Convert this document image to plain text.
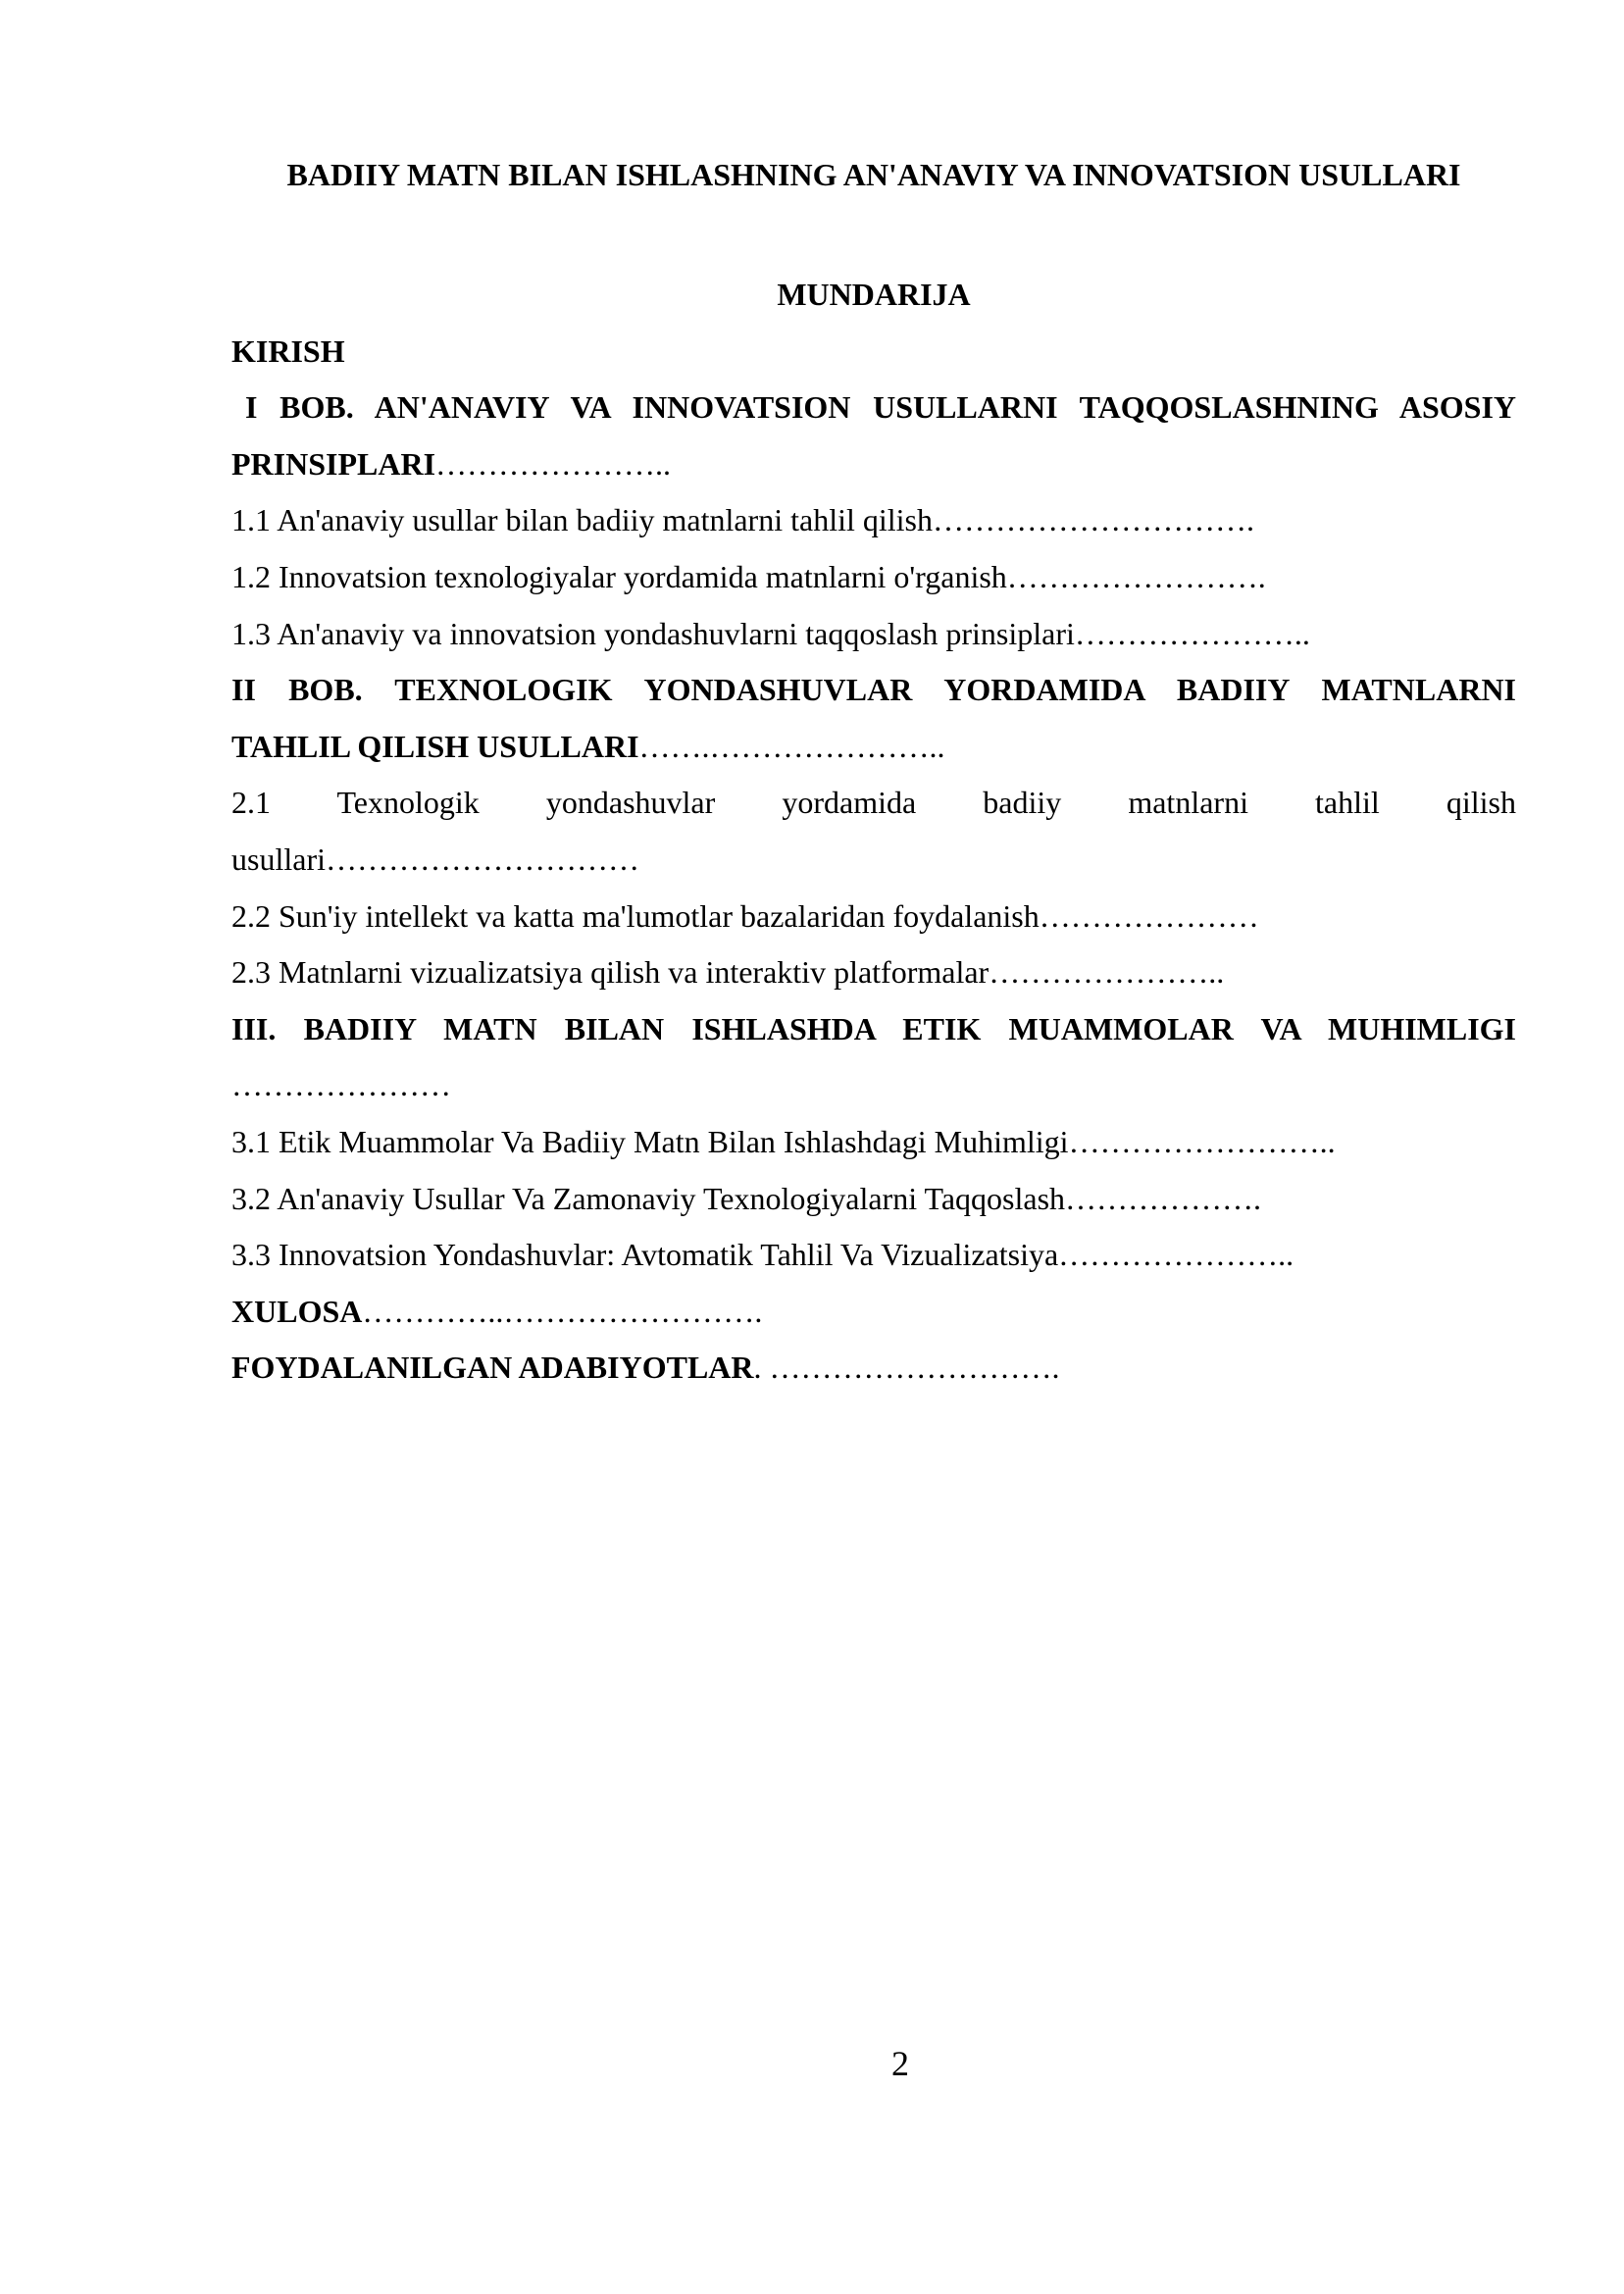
BADIIY MATN BILAN ISHLASHNING AN'ANAVIY VA INNOVATSION USULLARI
MUNDARIJA
KIRISH
I BOB. AN'ANAVIY VA INNOVATSION USULLARNI TAQQOSLASHNING ASOSIY
PRINSIPLARI…………………..
1.1 An'anaviy usullar bilan badiiy matnlarni tahlil qilish………………………….
1.2 Innovatsion texnologiyalar yordamida matnlarni o'rganish…………………….
1.3 An'anaviy va innovatsion yondashuvlarni taqqoslash prinsiplari…………………..
II BOB. TEXNOLOGIK YONDASHUVLAR YORDAMIDA BADIIY MATNLARNI
TAHLIL QILISH USULLARI…….…………………..
2.1 Texnologik yondashuvlar yordamida badiiy matnlarni tahlil qilish
usullari…………………………
2.2 Sun'iy intellekt va katta ma'lumotlar bazalaridan foydalanish…………………
2.3 Matnlarni vizualizatsiya qilish va interaktiv platformalar…………………..
III. BADIIY MATN BILAN ISHLASHDA ETIK MUAMMOLAR VA MUHIMLIGI
…………………
3.1 Etik Muammolar Va Badiiy Matn Bilan Ishlashdagi Muhimligi……………………..
3.2 An'anaviy Usullar Va Zamonaviy Texnologiyalarni Taqqoslash……………….
3.3 Innovatsion Yondashuvlar: Avtomatik Tahlil Va Vizualizatsiya…………………..
XULOSA…………..…………………….
FOYDALANILGAN ADABIYOTLAR. ……………………….
2
